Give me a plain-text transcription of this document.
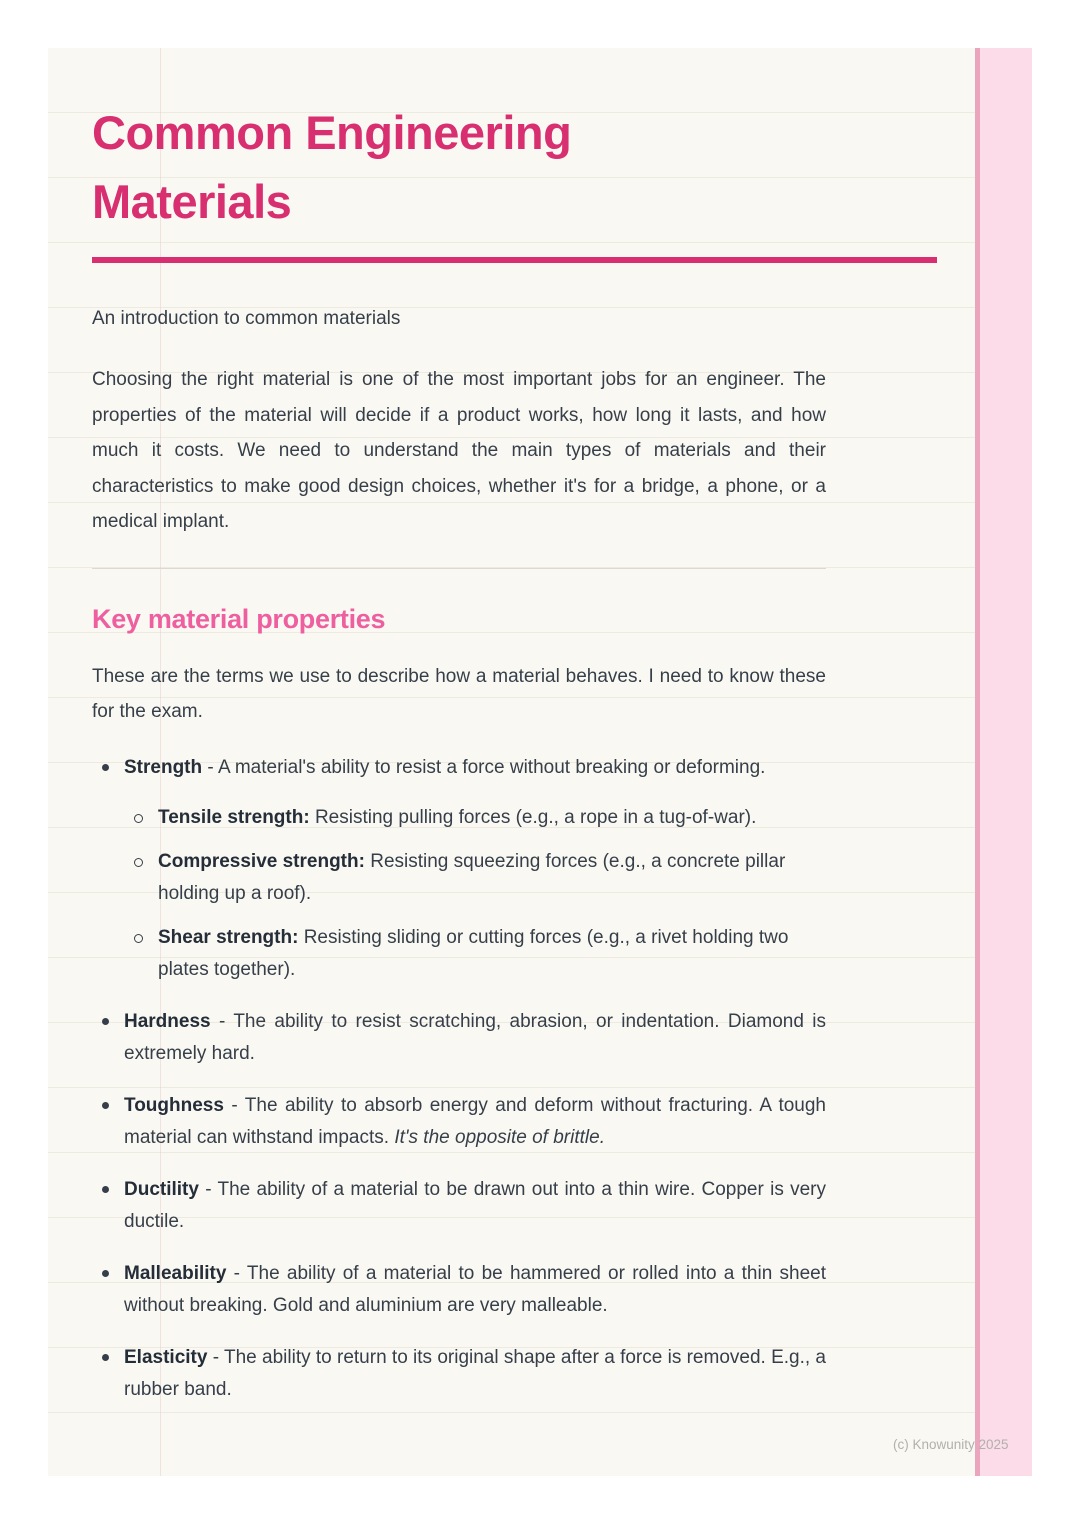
Common Engineering Materials

An introduction to common materials

Choosing the right material is one of the most important jobs for an engineer. The properties of the material will decide if a product works, how long it lasts, and how much it costs. We need to understand the main types of materials and their characteristics to make good design choices, whether it's for a bridge, a phone, or a medical implant.

Key material properties

These are the terms we use to describe how a material behaves. I need to know these for the exam.

Strength - A material's ability to resist a force without breaking or deforming.

Tensile strength: Resisting pulling forces (e.g., a rope in a tug-of-war).

Compressive strength: Resisting squeezing forces (e.g., a concrete pillar holding up a roof).

Shear strength: Resisting sliding or cutting forces (e.g., a rivet holding two plates together).

Hardness - The ability to resist scratching, abrasion, or indentation. Diamond is extremely hard.

Toughness - The ability to absorb energy and deform without fracturing. A tough material can withstand impacts. It's the opposite of brittle.

Ductility - The ability of a material to be drawn out into a thin wire. Copper is very ductile.

Malleability - The ability of a material to be hammered or rolled into a thin sheet without breaking. Gold and aluminium are very malleable.

Elasticity - The ability to return to its original shape after a force is removed. E.g., a rubber band.

(c) Knowunity 2025
